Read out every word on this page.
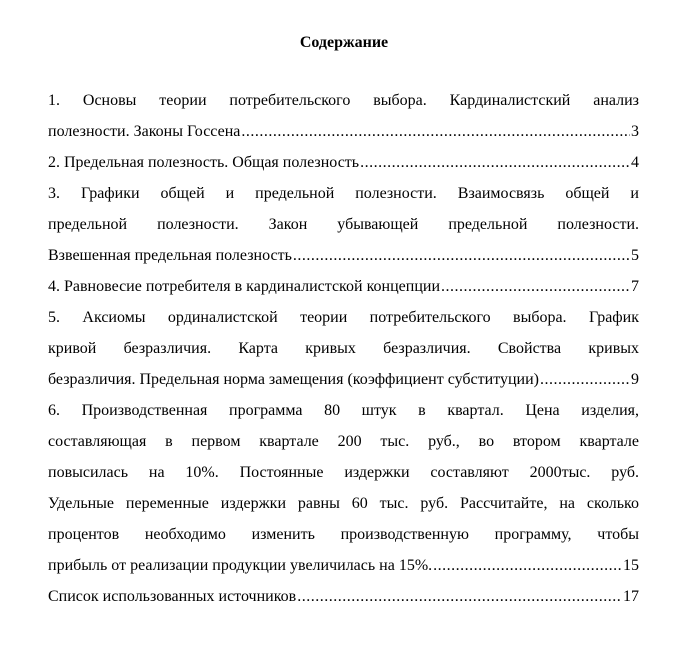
Содержание
1. Основы теории потребительского выбора. Кардиналистский анализ
полезности. Законы Госсена .....	3
2. Предельная полезность. Общая полезность .....	4
3. Графики общей и предельной полезности. Взаимосвязь общей и
предельной полезности. Закон убывающей предельной полезности.
Взвешенная предельная полезность .....	5
4. Равновесие потребителя в кардиналистской концепции .....	7
5. Аксиомы ординалистской теории потребительского выбора. График
кривой безразличия. Карта кривых безразличия. Свойства кривых
безразличия. Предельная норма замещения (коэффициент субституции) .....	9
6. Производственная программа 80 штук в квартал. Цена изделия,
составляющая в первом квартале 200 тыс. руб., во втором квартале
повысилась на 10%. Постоянные издержки составляют 2000тыс. руб.
Удельные переменные издержки равны 60 тыс. руб. Рассчитайте, на сколько
процентов необходимо изменить производственную программу, чтобы
прибыль от реализации продукции увеличилась на 15%. .....	15
Список использованных источников .....	17
